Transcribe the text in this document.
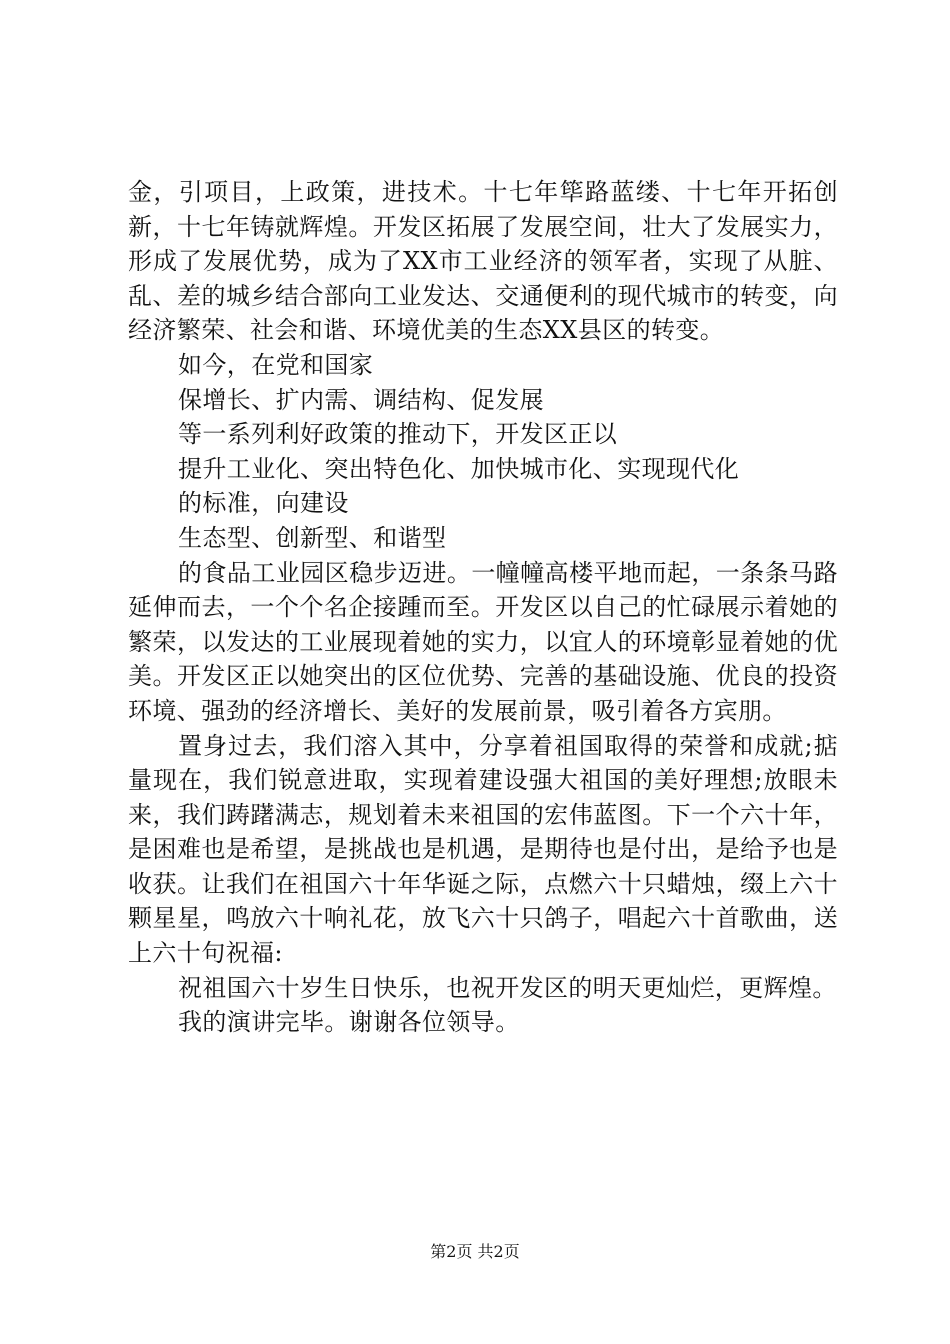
金，引项目，上政策，进技术。十七年筚路蓝缕、十七年开拓创新，十七年铸就辉煌。开发区拓展了发展空间，壮大了发展实力，形成了发展优势，成为了XX市工业经济的领军者，实现了从脏、乱、差的城乡结合部向工业发达、交通便利的现代城市的转变，向经济繁荣、社会和谐、环境优美的生态XX县区的转变。

如今，在党和国家

保增长、扩内需、调结构、促发展

等一系列利好政策的推动下，开发区正以

提升工业化、突出特色化、加快城市化、实现现代化

的标准，向建设

生态型、创新型、和谐型

的食品工业园区稳步迈进。一幢幢高楼平地而起，一条条马路延伸而去，一个个名企接踵而至。开发区以自己的忙碌展示着她的繁荣，以发达的工业展现着她的实力，以宜人的环境彰显着她的优美。开发区正以她突出的区位优势、完善的基础设施、优良的投资环境、强劲的经济增长、美好的发展前景，吸引着各方宾朋。

置身过去，我们溶入其中，分享着祖国取得的荣誉和成就;掂量现在，我们锐意进取，实现着建设强大祖国的美好理想;放眼未来，我们踌躇满志，规划着未来祖国的宏伟蓝图。下一个六十年，是困难也是希望，是挑战也是机遇，是期待也是付出，是给予也是收获。让我们在祖国六十年华诞之际，点燃六十只蜡烛，缀上六十颗星星，鸣放六十响礼花，放飞六十只鸽子，唱起六十首歌曲，送上六十句祝福:

祝祖国六十岁生日快乐，也祝开发区的明天更灿烂，更辉煌。

我的演讲完毕。谢谢各位领导。

第2页 共2页
